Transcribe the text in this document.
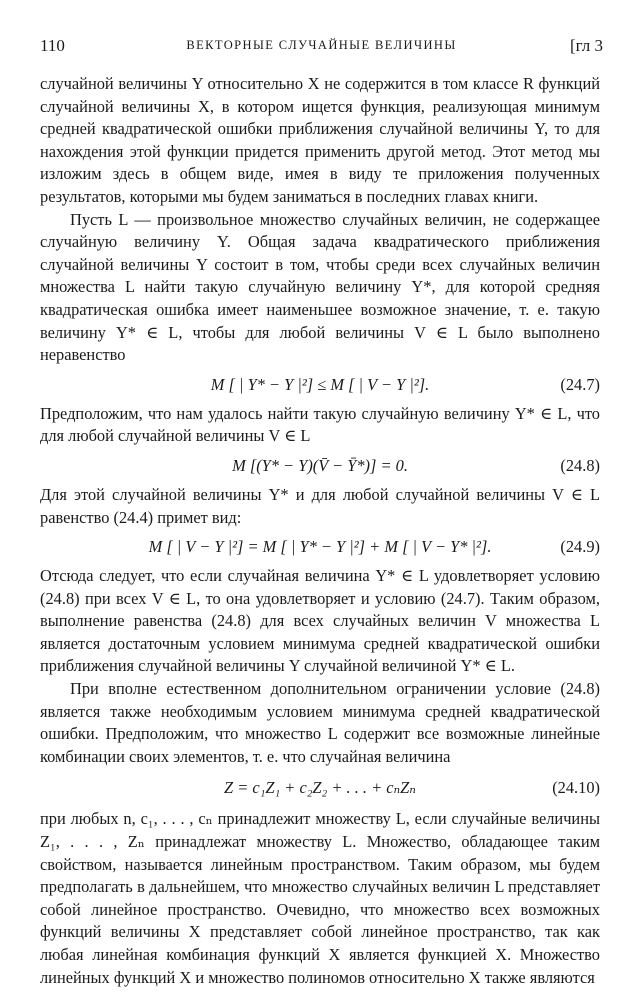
110	ВЕКТОРНЫЕ СЛУЧАЙНЫЕ ВЕЛИЧИНЫ	[гл 3

случайной величины Y относительно X не содержится в том классе R функций случайной величины X, в котором ищется функция, реализующая минимум средней квадратической ошибки приближения случайной величины Y, то для нахождения этой функции придется применить другой метод. Этот метод мы изложим здесь в общем виде, имея в виду те приложения полученных результатов, которыми мы будем заниматься в последних главах книги.

Пусть L — произвольное множество случайных величин, не содержащее случайную величину Y. Общая задача квадратического приближения случайной величины Y состоит в том, чтобы среди всех случайных величин множества L найти такую случайную величину Y*, для которой средняя квадратическая ошибка имеет наименьшее возможное значение, т. е. такую величину Y* ∈ L, чтобы для любой величины V ∈ L было выполнено неравенство

M [ | Y* − Y |²] ≤ M [ | V − Y |²].	(24.7)

Предположим, что нам удалось найти такую случайную величину Y* ∈ L, что для любой случайной величины V ∈ L

M [(Y* − Y)(V̄ − Ȳ*)] = 0.	(24.8)

Для этой случайной величины Y* и для любой случайной величины V ∈ L равенство (24.4) примет вид:

M [ | V − Y |²] = M [ | Y* − Y |²] + M [ | V − Y* |²].	(24.9)

Отсюда следует, что если случайная величина Y* ∈ L удовлетворяет условию (24.8) при всех V ∈ L, то она удовлетворяет и условию (24.7). Таким образом, выполнение равенства (24.8) для всех случайных величин V множества L является достаточным условием минимума средней квадратической ошибки приближения случайной величины Y случайной величиной Y* ∈ L.

При вполне естественном дополнительном ограничении условие (24.8) является также необходимым условием минимума средней квадратической ошибки. Предположим, что множество L содержит все возможные линейные комбинации своих элементов, т. е. что случайная величина

Z = c₁Z₁ + c₂Z₂ + . . . + cₙZₙ	(24.10)

при любых n, c₁, . . . , cₙ принадлежит множеству L, если случайные величины Z₁, . . . , Zₙ принадлежат множеству L. Множество, обладающее таким свойством, называется линейным пространством. Таким образом, мы будем предполагать в дальнейшем, что множество случайных величин L представляет собой линейное пространство. Очевидно, что множество всех возможных функций величины X представляет собой линейное пространство, так как любая линейная комбинация функций X является функцией X. Множество линейных функций X и множество полиномов относительно X также являются
